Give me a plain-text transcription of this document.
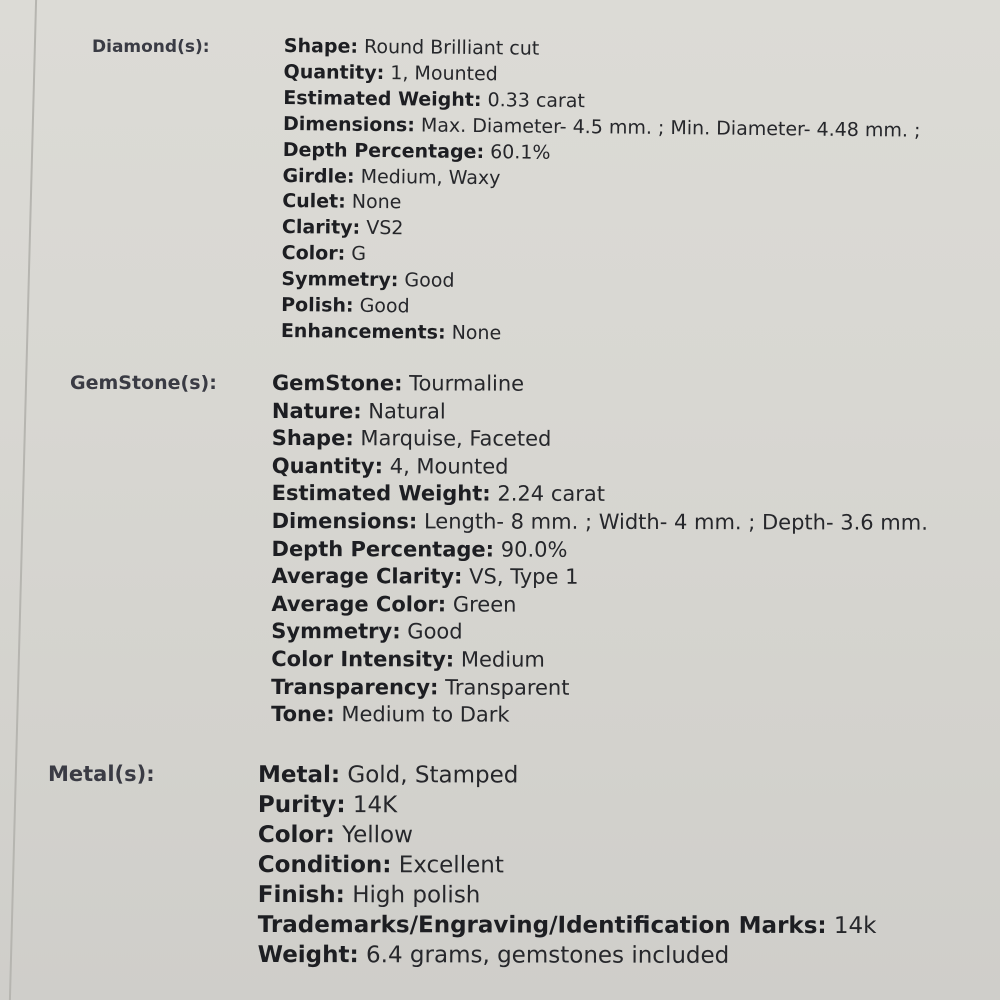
Diamond(s):	Shape: Round Brilliant cut
Quantity: 1, Mounted
Estimated Weight: 0.33 carat
Dimensions: Max. Diameter- 4.5 mm. ; Min. Diameter- 4.48 mm. ;
Depth Percentage: 60.1%
Girdle: Medium, Waxy
Culet: None
Clarity: VS2
Color: G
Symmetry: Good
Polish: Good
Enhancements: None
GemStone(s):	GemStone: Tourmaline
Nature: Natural
Shape: Marquise, Faceted
Quantity: 4, Mounted
Estimated Weight: 2.24 carat
Dimensions: Length- 8 mm. ; Width- 4 mm. ; Depth- 3.6 mm.
Depth Percentage: 90.0%
Average Clarity: VS, Type 1
Average Color: Green
Symmetry: Good
Color Intensity: Medium
Transparency: Transparent
Tone: Medium to Dark
Metal(s):	Metal: Gold, Stamped
Purity: 14K
Color: Yellow
Condition: Excellent
Finish: High polish
Trademarks/Engraving/Identification Marks: 14k
Weight: 6.4 grams, gemstones included
